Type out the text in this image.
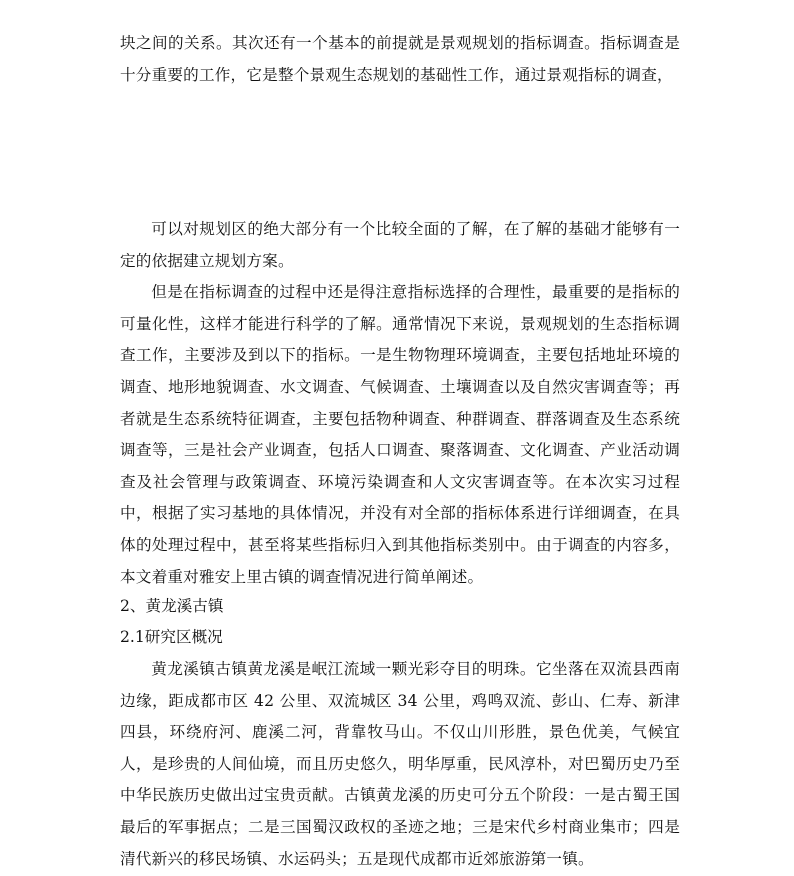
块之间的关系。其次还有一个基本的前提就是景观规划的指标调查。指标调查是十分重要的工作，它是整个景观生态规划的基础性工作，通过景观指标的调查，

可以对规划区的绝大部分有一个比较全面的了解，在了解的基础才能够有一定的依据建立规划方案。

但是在指标调查的过程中还是得注意指标选择的合理性，最重要的是指标的可量化性，这样才能进行科学的了解。通常情况下来说，景观规划的生态指标调查工作，主要涉及到以下的指标。一是生物物理环境调查，主要包括地址环境的调查、地形地貌调查、水文调查、气候调查、土壤调查以及自然灾害调查等；再者就是生态系统特征调查，主要包括物种调查、种群调查、群落调查及生态系统调查等，三是社会产业调查，包括人口调查、聚落调查、文化调查、产业活动调查及社会管理与政策调查、环境污染调查和人文灾害调查等。在本次实习过程中，根据了实习基地的具体情况，并没有对全部的指标体系进行详细调查，在具体的处理过程中，甚至将某些指标归入到其他指标类别中。由于调查的内容多，本文着重对雅安上里古镇的调查情况进行简单阐述。

2、黄龙溪古镇
2.1研究区概况

黄龙溪镇古镇黄龙溪是岷江流域一颗光彩夺目的明珠。它坐落在双流县西南边缘，距成都市区 42 公里、双流城区 34 公里，鸡鸣双流、彭山、仁寿、新津四县，环绕府河、鹿溪二河，背靠牧马山。不仅山川形胜，景色优美，气候宜人，是珍贵的人间仙境，而且历史悠久，明华厚重，民风淳朴，对巴蜀历史乃至中华民族历史做出过宝贵贡献。古镇黄龙溪的历史可分五个阶段：一是古蜀王国最后的军事据点；二是三国蜀汉政权的圣迹之地；三是宋代乡村商业集市；四是清代新兴的移民场镇、水运码头；五是现代成都市近郊旅游第一镇。
